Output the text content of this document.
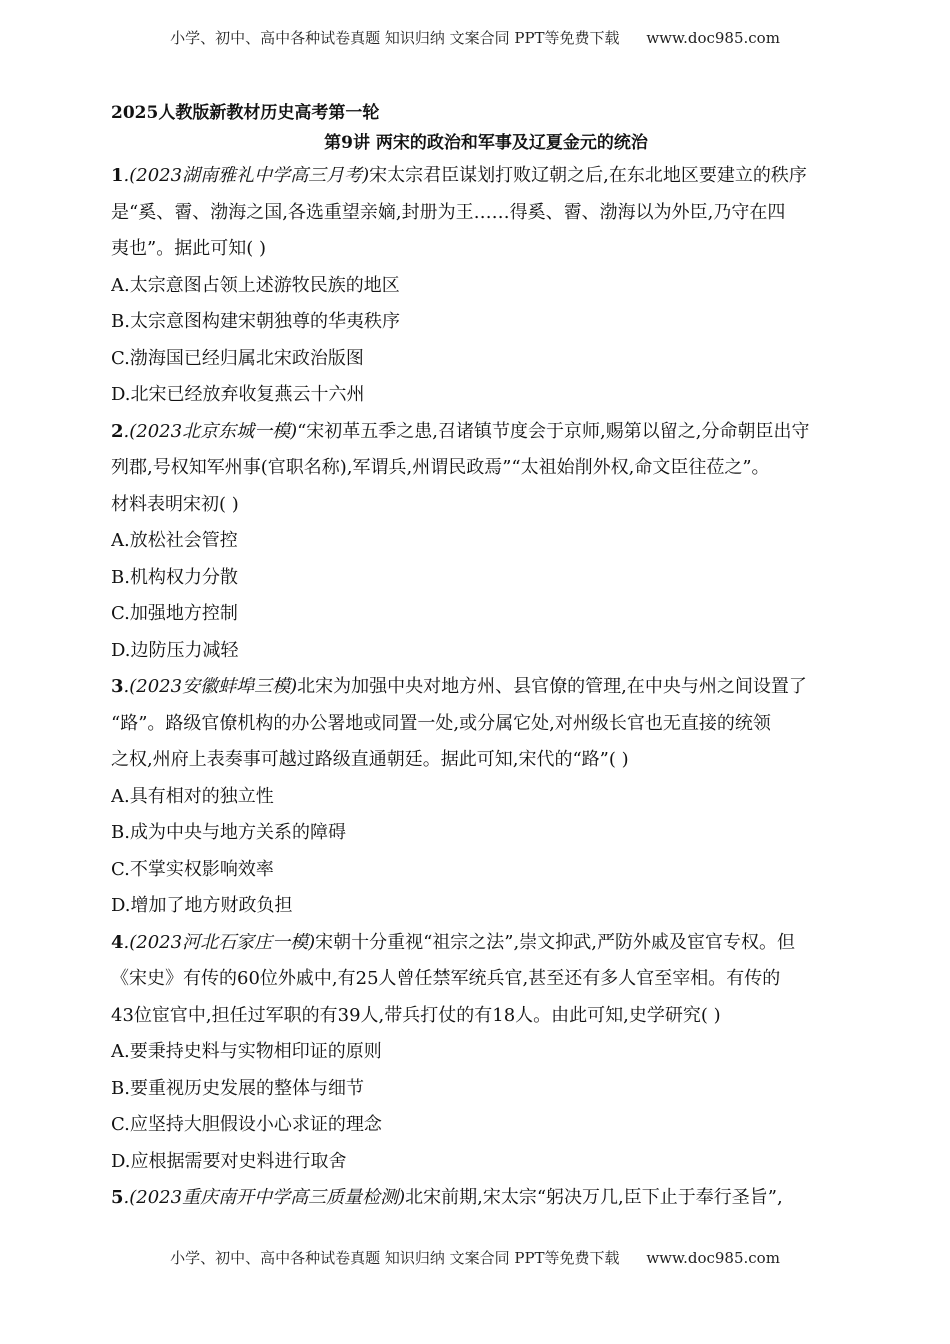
小学、初中、高中各种试卷真题 知识归纳 文案合同 PPT等免费下载 www.doc985.com

2025人教版新教材历史高考第一轮

第9讲 两宋的政治和军事及辽夏金元的统治

1.(2023湖南雅礼中学高三月考)宋太宗君臣谋划打败辽朝之后,在东北地区要建立的秩序
是“奚、霫、渤海之国,各选重望亲嫡,封册为王……得奚、霫、渤海以为外臣,乃守在四
夷也”。据此可知( )
A.太宗意图占领上述游牧民族的地区
B.太宗意图构建宋朝独尊的华夷秩序
C.渤海国已经归属北宋政治版图
D.北宋已经放弃收复燕云十六州
2.(2023北京东城一模)“宋初革五季之患,召诸镇节度会于京师,赐第以留之,分命朝臣出守
列郡,号权知军州事(官职名称),军谓兵,州谓民政焉”“太祖始削外权,命文臣往莅之”。
材料表明宋初( )
A.放松社会管控
B.机构权力分散
C.加强地方控制
D.边防压力减轻
3.(2023安徽蚌埠三模)北宋为加强中央对地方州、县官僚的管理,在中央与州之间设置了
“路”。路级官僚机构的办公署地或同置一处,或分属它处,对州级长官也无直接的统领
之权,州府上表奏事可越过路级直通朝廷。据此可知,宋代的“路”( )
A.具有相对的独立性
B.成为中央与地方关系的障碍
C.不掌实权影响效率
D.增加了地方财政负担
4.(2023河北石家庄一模)宋朝十分重视“祖宗之法”,崇文抑武,严防外戚及宦官专权。但
《宋史》有传的60位外戚中,有25人曾任禁军统兵官,甚至还有多人官至宰相。有传的
43位宦官中,担任过军职的有39人,带兵打仗的有18人。由此可知,史学研究( )
A.要秉持史料与实物相印证的原则
B.要重视历史发展的整体与细节
C.应坚持大胆假设小心求证的理念
D.应根据需要对史料进行取舍
5.(2023重庆南开中学高三质量检测)北宋前期,宋太宗“躬决万几,臣下止于奉行圣旨”,
小学、初中、高中各种试卷真题 知识归纳 文案合同 PPT等免费下载 www.doc985.com
